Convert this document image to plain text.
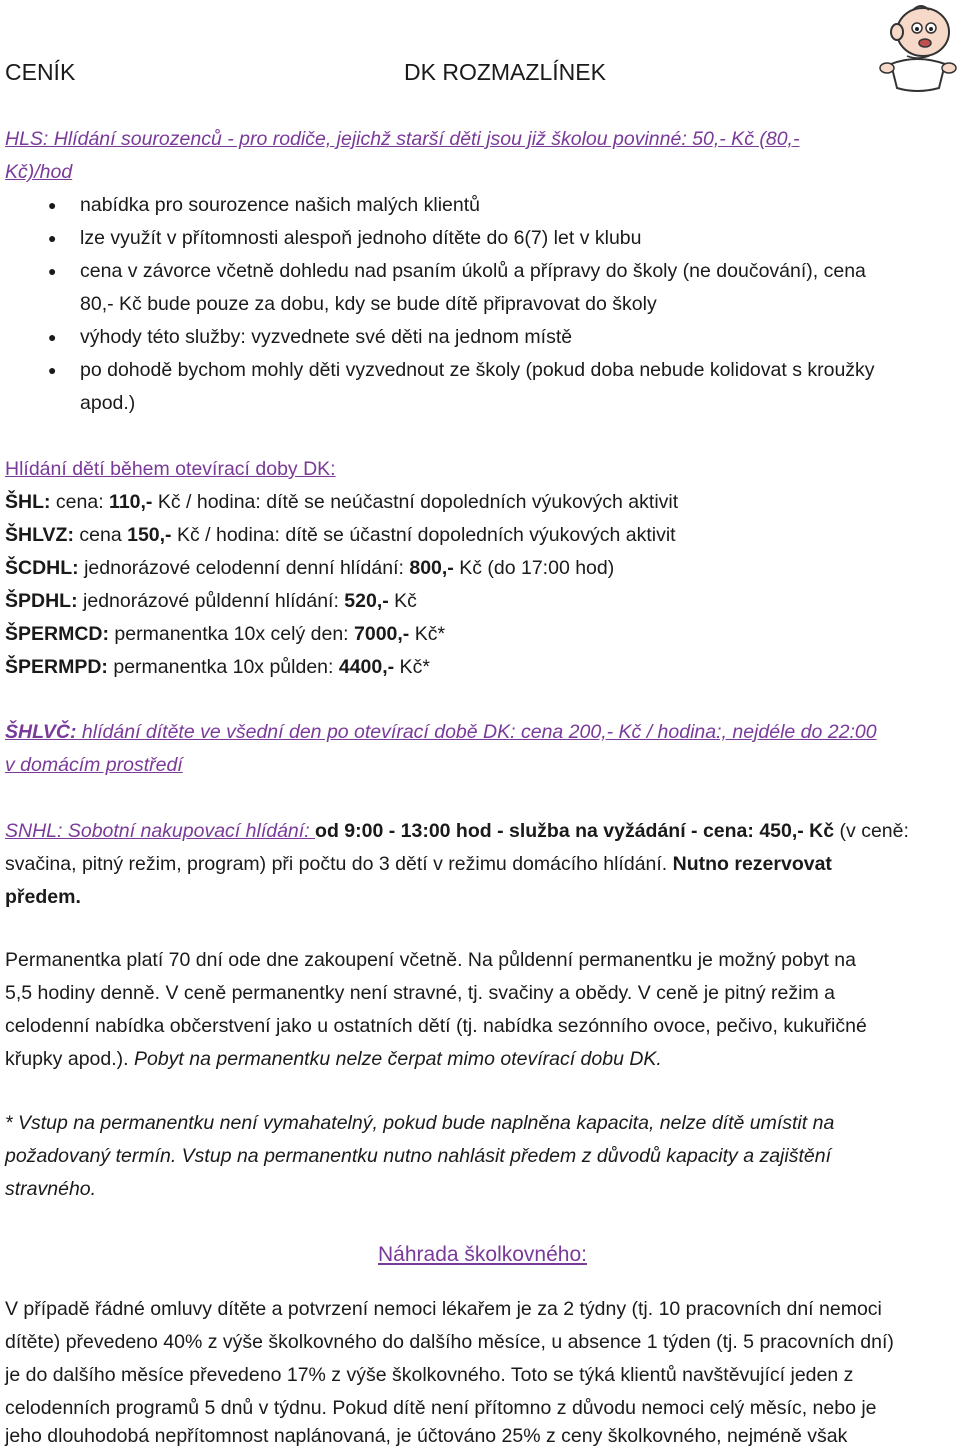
CENÍK	DK ROZMAZLÍNEK
HLS: Hlídání sourozenců - pro rodiče, jejichž starší děti jsou již školou povinné: 50,- Kč (80,-
Kč)/hod
● nabídka pro sourozence našich malých klientů
● lze využít v přítomnosti alespoň jednoho dítěte do 6(7) let v klubu
● cena v závorce včetně dohledu nad psaním úkolů a přípravy do školy (ne doučování), cena
80,- Kč bude pouze za dobu, kdy se bude dítě připravovat do školy
● výhody této služby: vyzvednete své děti na jednom místě
● po dohodě bychom mohly děti vyzvednout ze školy (pokud doba nebude kolidovat s kroužky
apod.)
Hlídání dětí během otevírací doby DK:
ŠHL: cena: 110,- Kč / hodina: dítě se neúčastní dopoledních výukových aktivit
ŠHLVZ: cena 150,- Kč / hodina: dítě se účastní dopoledních výukových aktivit
ŠCDHL: jednorázové celodenní denní hlídání: 800,- Kč (do 17:00 hod)
ŠPDHL: jednorázové půldenní hlídání: 520,- Kč
ŠPERMCD: permanentka 10x celý den: 7000,- Kč*
ŠPERMPD: permanentka 10x půlden: 4400,- Kč*
ŠHLVČ: hlídání dítěte ve všední den po otevírací době DK: cena 200,- Kč / hodina:, nejdéle do 22:00
v domácím prostředí
SNHL: Sobotní nakupovací hlídání: od 9:00 - 13:00 hod - služba na vyžádání - cena: 450,- Kč (v ceně:
svačina, pitný režim, program) při počtu do 3 dětí v režimu domácího hlídání. Nutno rezervovat
předem.
Permanentka platí 70 dní ode dne zakoupení včetně. Na půldenní permanentku je možný pobyt na
5,5 hodiny denně. V ceně permanentky není stravné, tj. svačiny a obědy. V ceně je pitný režim a
celodenní nabídka občerstvení jako u ostatních dětí (tj. nabídka sezónního ovoce, pečivo, kukuřičné
křupky apod.). Pobyt na permanentku nelze čerpat mimo otevírací dobu DK.
* Vstup na permanentku není vymahatelný, pokud bude naplněna kapacita, nelze dítě umístit na
požadovaný termín. Vstup na permanentku nutno nahlásit předem z důvodů kapacity a zajištění
stravného.
Náhrada školkovného:
V případě řádné omluvy dítěte a potvrzení nemoci lékařem je za 2 týdny (tj. 10 pracovních dní nemoci
dítěte) převedeno 40% z výše školkovného do dalšího měsíce, u absence 1 týden (tj. 5 pracovních dní)
je do dalšího měsíce převedeno 17% z výše školkovného. Toto se týká klientů navštěvující jeden z
celodenních programů 5 dnů v týdnu. Pokud dítě není přítomno z důvodu nemoci celý měsíc, nebo je
jeho dlouhodobá nepřítomnost naplánovaná, je účtováno 25% z ceny školkovného, nejméně však
